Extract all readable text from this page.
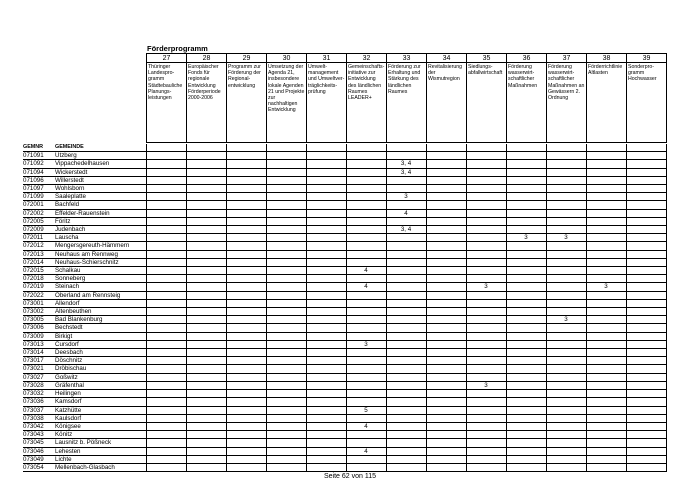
Förderprogramm
27	28	29	30	31	32	33	34	35	36	37	38	39
Thüringer Landespro-gramm Städtebauliche Planungs-leistungen	Europäischer Fonds für regionale Entwicklung Förderperiode 2000-2006	Programm zur Förderung der Regional-entwicklung	Umsetzung der Agenda 21, insbesondere lokale Agenden 21 und Projekte zur nachhaltigen Entwicklung	Umwelt-management und Umweltver-träglichkeits-prüfung	Gemeinschafts-initiative zur Entwicklung des ländlichen Raumes LEADER+	Förderung zur Erhaltung und Stärkung des ländlichen Raumes	Revitalisierung der Wismutregion	Siedlungs-abfallwirtschaft	Förderung wasserwirt-schaftlicher Maßnahmen	Förderung wasserwirt-schaftlicher Maßnahmen an Gewässern 2. Ordnung	Förderrichtlinie Altlasten	Sonderpro-gramm Hochwasser
GEMNR	GEMEINDE													
071091	Utzberg													
071092	Vippachedelhausen							3, 4						
071094	Wickerstedt							3, 4						
071096	Willerstedt													
071097	Wohlsborn													
071099	Saaleplatte							3						
072001	Bachfeld													
072002	Effelder-Rauenstein							4						
072005	Föritz													
072009	Judenbach							3, 4						
072011	Lauscha										3	3		
072012	Mengersgereuth-Hämmern													
072013	Neuhaus am Rennweg													
072014	Neuhaus-Schierschnitz													
072015	Schalkau						4							
072018	Sonneberg													
072019	Steinach						4			3			3	
072022	Oberland am Rennsteig													
073001	Allendorf													
073002	Altenbeuthen													
073005	Bad Blankenburg											3		
073006	Bechstedt													
073009	Birkigt													
073013	Cursdorf						3							
073014	Deesbach													
073017	Döschnitz													
073021	Dröbischau													
073027	Goßwitz													
073028	Gräfenthal									3				
073032	Heilingen													
073036	Kamsdorf													
073037	Katzhütte						5							
073038	Kaulsdorf													
073042	Königsee						4							
073043	Könitz													
073045	Lausnitz b. Pößneck													
073046	Lehesten						4							
073049	Lichte													
073054	Mellenbach-Glasbach													
Seite 62 von 115
